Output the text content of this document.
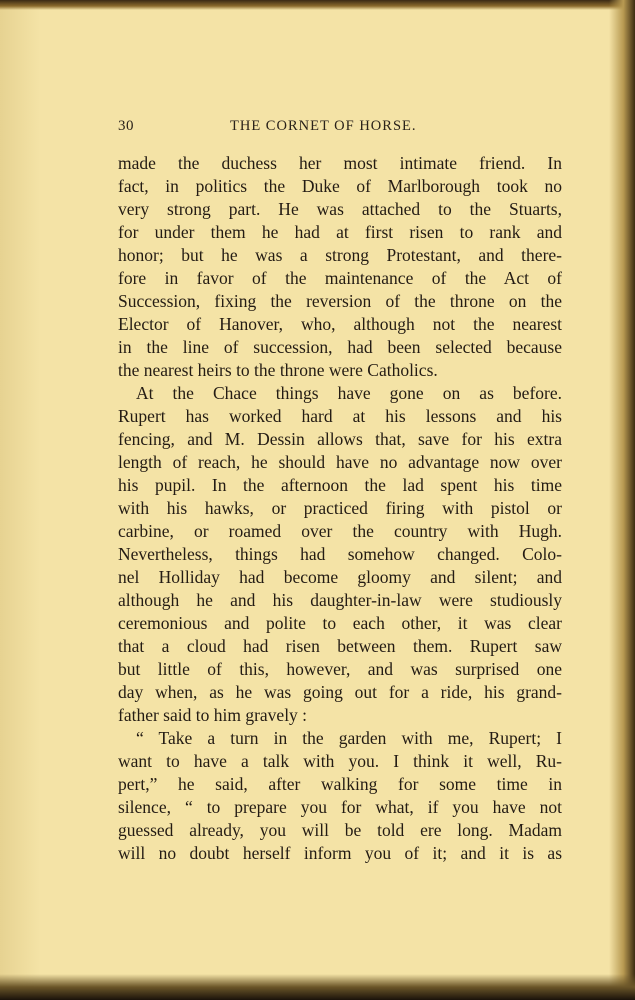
30	THE CORNET OF HORSE.
made the duchess her most intimate friend. In
fact, in politics the Duke of Marlborough took no
very strong part. He was attached to the Stuarts,
for under them he had at first risen to rank and
honor; but he was a strong Protestant, and there-
fore in favor of the maintenance of the Act of
Succession, fixing the reversion of the throne on the
Elector of Hanover, who, although not the nearest
in the line of succession, had been selected because
the nearest heirs to the throne were Catholics.
At the Chace things have gone on as before.
Rupert has worked hard at his lessons and his
fencing, and M. Dessin allows that, save for his extra
length of reach, he should have no advantage now over
his pupil. In the afternoon the lad spent his time
with his hawks, or practiced firing with pistol or
carbine, or roamed over the country with Hugh.
Nevertheless, things had somehow changed. Colo-
nel Holliday had become gloomy and silent; and
although he and his daughter-in-law were studiously
ceremonious and polite to each other, it was clear
that a cloud had risen between them. Rupert saw
but little of this, however, and was surprised one
day when, as he was going out for a ride, his grand-
father said to him gravely :
“ Take a turn in the garden with me, Rupert; I
want to have a talk with you. I think it well, Ru-
pert,” he said, after walking for some time in
silence, “ to prepare you for what, if you have not
guessed already, you will be told ere long. Madam
will no doubt herself inform you of it; and it is as
